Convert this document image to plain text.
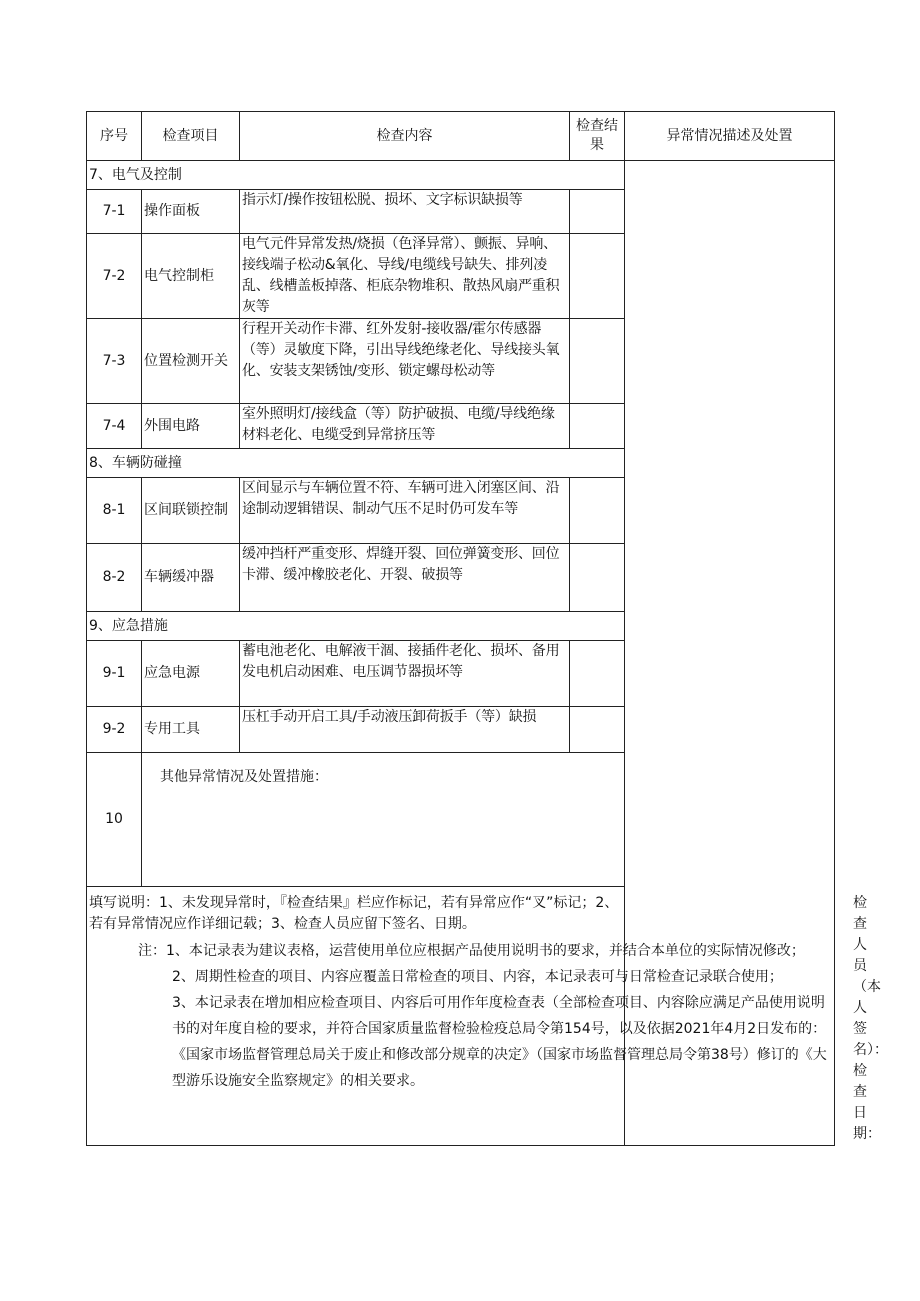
序号	检查项目	检查内容	检查结果	异常情况描述及处置	
7、电气及控制					
7-1	操作面板	指示灯/操作按钮松脱、损坏、文字标识缺损等			
7-2	电气控制柜	电气元件异常发热/烧损（色泽异常）、颤振、异响、接线端子松动&氧化、导线/电缆线号缺失、排列凌乱、线槽盖板掉落、柜底杂物堆积、散热风扇严重积灰等			
7-3	位置检测开关	行程开关动作卡滞、红外发射-接收器/霍尔传感器（等）灵敏度下降，引出导线绝缘老化、导线接头氧化、安装支架锈蚀/变形、锁定螺母松动等			
7-4	外围电路	室外照明灯/接线盒（等）防护破损、电缆/导线绝缘材料老化、电缆受到异常挤压等			
8、车辆防碰撞					
8-1	区间联锁控制	区间显示与车辆位置不符、车辆可进入闭塞区间、沿途制动逻辑错误、制动气压不足时仍可发车等			
8-2	车辆缓冲器	缓冲挡杆严重变形、焊缝开裂、回位弹簧变形、回位卡滞、缓冲橡胶老化、开裂、破损等			
9、应急措施					
9-1	应急电源	蓄电池老化、电解液干涸、接插件老化、损坏、备用发电机启动困难、电压调节器损坏等			
9-2	专用工具	压杠手动开启工具/手动液压卸荷扳手（等）缺损			
10	其他异常情况及处置措施：				
填写说明：1、未发现异常时，『检查结果』栏应作标记，若有异常应作“叉”标记；2、若有异常情况应作详细记载；3、检查人员应留下签名、日期。					检查人员（本人签名）：检查日期：
注：1、本记录表为建议表格，运营使用单位应根据产品使用说明书的要求，并结合本单位的实际情况修改；
2、周期性检查的项目、内容应覆盖日常检查的项目、内容，本记录表可与日常检查记录联合使用；
3、本记录表在增加相应检查项目、内容后可用作年度检查表（全部检查项目、内容除应满足产品使用说明书的对年度自检的要求，并符合国家质量监督检验检疫总局令第154号，以及依据2021年4月2日发布的：《国家市场监督管理总局关于废止和修改部分规章的决定》（国家市场监督管理总局令第38号）修订的《大型游乐设施安全监察规定》的相关要求。
